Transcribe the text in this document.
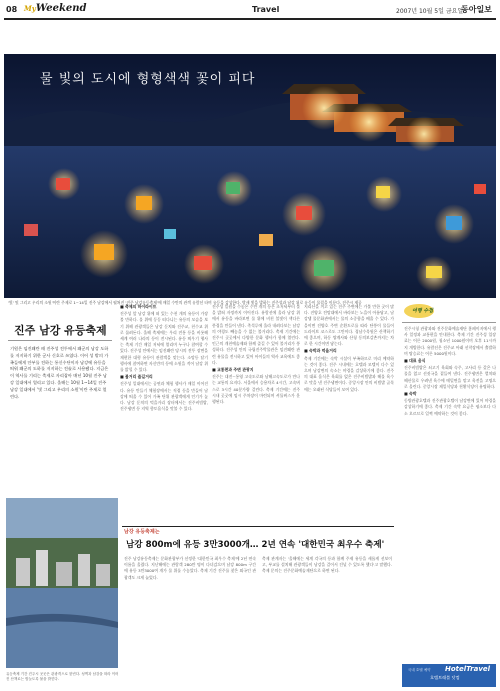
08 MyWeekend	Travel	2007년 10월 5일 금요일
동아일보
물 빛의 도시에 형형색색 꽃이 피다
'빛' 및 그리고 우리의 소원'이란 주제로 1~14일 진주 남강에서 펼쳐진 '진주 남강유등축제'에 매일 수만의 관객 유람선 타며 유등을 감상한다. 밤새 빛을 발하는 진주성과 남강 위로 유등이 물결을 이룬다. 진주시 제공
진주 남강 유등축제
기원은 임진왜란 때 진주성 전투에서 왜군의 남강 도하를 저지하기 위한 군사 신호로 쓰였다. 이어 성 밖의 가족들에게 안부를 전하는 통신수단이자 남강에 유등을 띄워 왜군의 도하를 저지하는 전술로 사용됐다. 지금은 이 역사를 기리는 축제로 자리잡아 매년 10월 진주 남강 일대에서 열리고 있다. 올해는 10월 1~14일 진주 남강 일대에서 '빛 그리고 우리의 소원'이란 주제로 열린다.
유등축제 기간 진주시 곳곳은 관광객으로 붐빈다. 성벽과 남강을 따라 이어진 산책로는 밤늦도록 불을 밝힌다.

■ 축제의 하이라이트

진주성 앞 남강 위에 떠 있는 수천 개의 유등이 가장 볼 만하다. 물 위에 둥둥 떠다니는 유등의 모습을 보기 위해 관광객들은 남강 둔치와 진주교, 천수교 위로 몰려든다. 올해 축제에는 우리 전통 등을 비롯해 세계 여러 나라의 등이 전시된다. 유등 띄우기 행사는 축제 기간 매일 저녁에 열리며 누구나 참여할 수 있다. 진주성 안에서는 임진왜란 당시의 전투 장면을 재현한 대형 유등이 관람객을 맞는다. 소망등 달기 행사에 참여하면 자신만의 등에 소원을 적어 남강 위를 밝힐 수 있다.

■ 볼거리 즐길거리

진주성 일대에서는 공연과 체험 행사가 매일 이어진다. 유등 만들기 체험장에서는 직접 등을 만들어 남강에 띄울 수 있어 가족 단위 관광객에게 인기가 높다. 남강 둔치의 먹을거리 장터에서는 진주비빔밥, 진주냉면 등 지역 향토음식을 맛볼 수 있다.

진주성 일원을 수놓은 수만 개의 등은 초저녁부터 불을 밝혀 자정까지 이어진다. 유람선에 올라 남강 위에서 유등을 바라보면 물 위에 비친 불빛이 색다른 풍경을 만들어 낸다. 촉석루에 올라 내려다보는 남강의 야경도 빼놓을 수 없는 볼거리다. 축제 기간에는 진주시 곳곳에서 다양한 문화 행사가 함께 열린다. 인근의 개천예술제와 함께 즐길 수 있어 볼거리가 풍성하다. 진주성 안의 국립진주박물관은 임진왜란 관련 유물을 전시하고 있어 아이들의 역사 교육에도 좋다.

■ 교통편과 주변 관광지

진주는 대전~통영 고속도로와 남해고속도로가 만나는 교통의 요지다. 서울에서 승용차로 4시간, 고속버스로 3시간 40분가량 걸린다. 축제 기간에는 진주 시내 곳곳에 임시 주차장이 마련되며 셔틀버스가 운행된다.

지리산을 끼고 있는 진주 주변에는 가볼 만한 곳이 많다. 진양호 전망대에서 바라보는 노을이 아름답고, 남강댐 물문화관에서는 물의 소중함을 배울 수 있다. 가을이면 진양호 주변 순환도로를 따라 단풍이 물들어 드라이브 코스로도 그만이다. 경남수목원은 산책하기에 좋으며, 하동 쌍계사와 산청 동의보감촌까지는 차로 한 시간이면 닿는다.

■ 숙박과 먹을거리

축제 기간에는 숙박 시설이 부족하므로 미리 예약하는 것이 좋다. 진주 시내에는 호텔과 모텔이 다수 있으며 남강변의 숙소는 야경을 감상하기에 좋다. 진주의 대표 음식은 육회를 얹은 진주비빔밥과 해물 육수로 맛을 낸 진주냉면이다. 중앙시장 안의 비빔밥 골목에는 오래된 식당들이 모여 있다.

남강 유등축제는
남강 800m에 유등 3만3000개… 2년 연속 '대한민국 최우수 축제'

진주 남강유등축제는 문화관광부가 선정한 '대한민국 최우수 축제'에 2년 연속 이름을 올렸다. 지난해에는 관람객 280만 명이 다녀갔으며 남강 800m 구간에 유등 3만3000여 개가 물 위를 수놓았다. 축제 기간 진주를 찾은 외국인 관광객도 크게 늘었다.

축제 관계자는 '올해에는 세계 각국의 등과 함께 주제 유등을 새롭게 선보이고, 부교를 설치해 관광객들이 남강을 걸어서 건널 수 있도록 했다'고 말했다. 축제 문의는 진주문화예술재단으로 하면 된다.

여행 수첩

진주시청 관광과와 진주문화예술재단 홈페이지에서 행사 일정과 교통편을 안내한다. 축제 기간 진주성 입장료는 어른 2000원, 청소년 1000원이며 오후 11시까지 개방한다. 유람선은 진주교 아래 선착장에서 출발하며 탑승료는 어른 5000원이다.

■ 대표 음식

진주비빔밥은 쇠고기 육회와 숙주, 고사리 등 갖은 나물을 얹고 선짓국을 곁들여 낸다. 진주냉면은 멸치와 해산물로 우려낸 육수에 메밀면을 말고 육전을 고명으로 올린다. 중앙시장 제일식당과 천황식당이 유명하다.

■ 숙박

동방관광호텔과 진주관광호텔이 남강변에 있어 야경을 감상하기에 좋다. 축제 기간 숙박 요금은 평소보다 다소 오르므로 일찍 예약하는 것이 좋다.

국내 호텔 예약	HotelTravel
호텔트래블 닷컴
